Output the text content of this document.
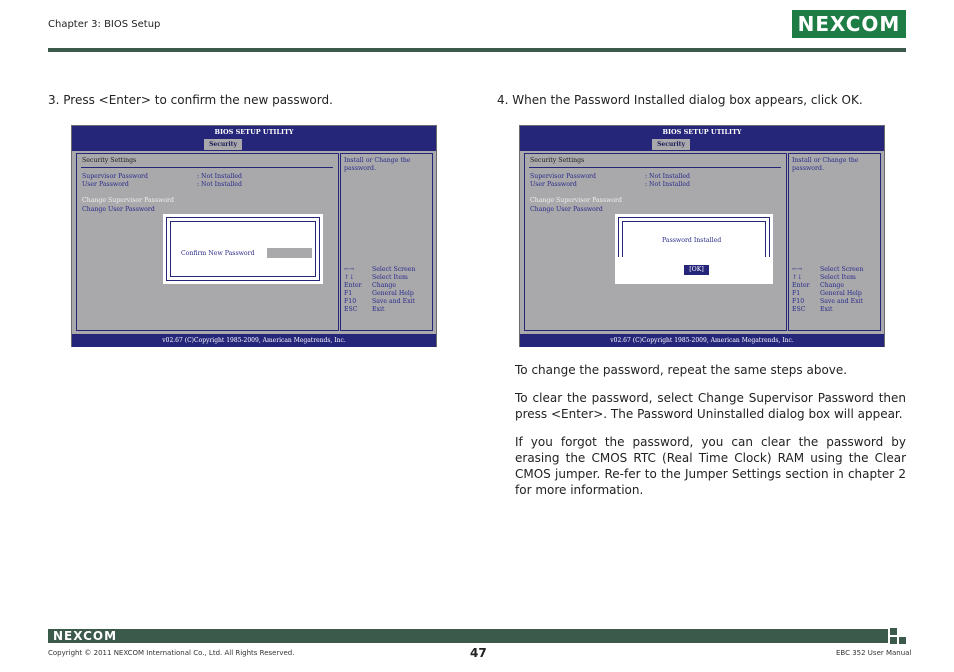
Chapter 3: BIOS Setup	NEXCOM
3. Press <Enter> to confirm the new password.	4. When the Password Installed dialog box appears, click OK.
BIOS SETUP UTILITY
Security
Security Settings
Supervisor Password	: Not Installed
User Password	: Not Installed
Change Supervisor Password
Change User Password
Confirm New Password
Install or Change the password.
←→	Select Screen
↑↓	Select Item
Enter Change
F1	General Help
F10	Save and Exit
ESC Exit
v02.67 (C)Copyright 1985-2009, American Megatrends, Inc.
BIOS SETUP UTILITY
Security
Security Settings
Supervisor Password	: Not Installed
User Password	: Not Installed
Change Supervisor Password
Change User Password
Password Installed
[OK]
Install or Change the password.
←→	Select Screen
↑↓	Select Item
Enter Change
F1	General Help
F10	Save and Exit
ESC Exit
v02.67 (C)Copyright 1985-2009, American Megatrends, Inc.
To change the password, repeat the same steps above.
To clear the password, select Change Supervisor Password then press <Enter>. The Password Uninstalled dialog box will appear.
If you forgot the password, you can clear the password by erasing the CMOS RTC (Real Time Clock) RAM using the Clear CMOS jumper. Re-fer to the Jumper Settings section in chapter 2 for more information.
NEXCOM
Copyright © 2011 NEXCOM International Co., Ltd. All Rights Reserved.	47	EBC 352 User Manual
